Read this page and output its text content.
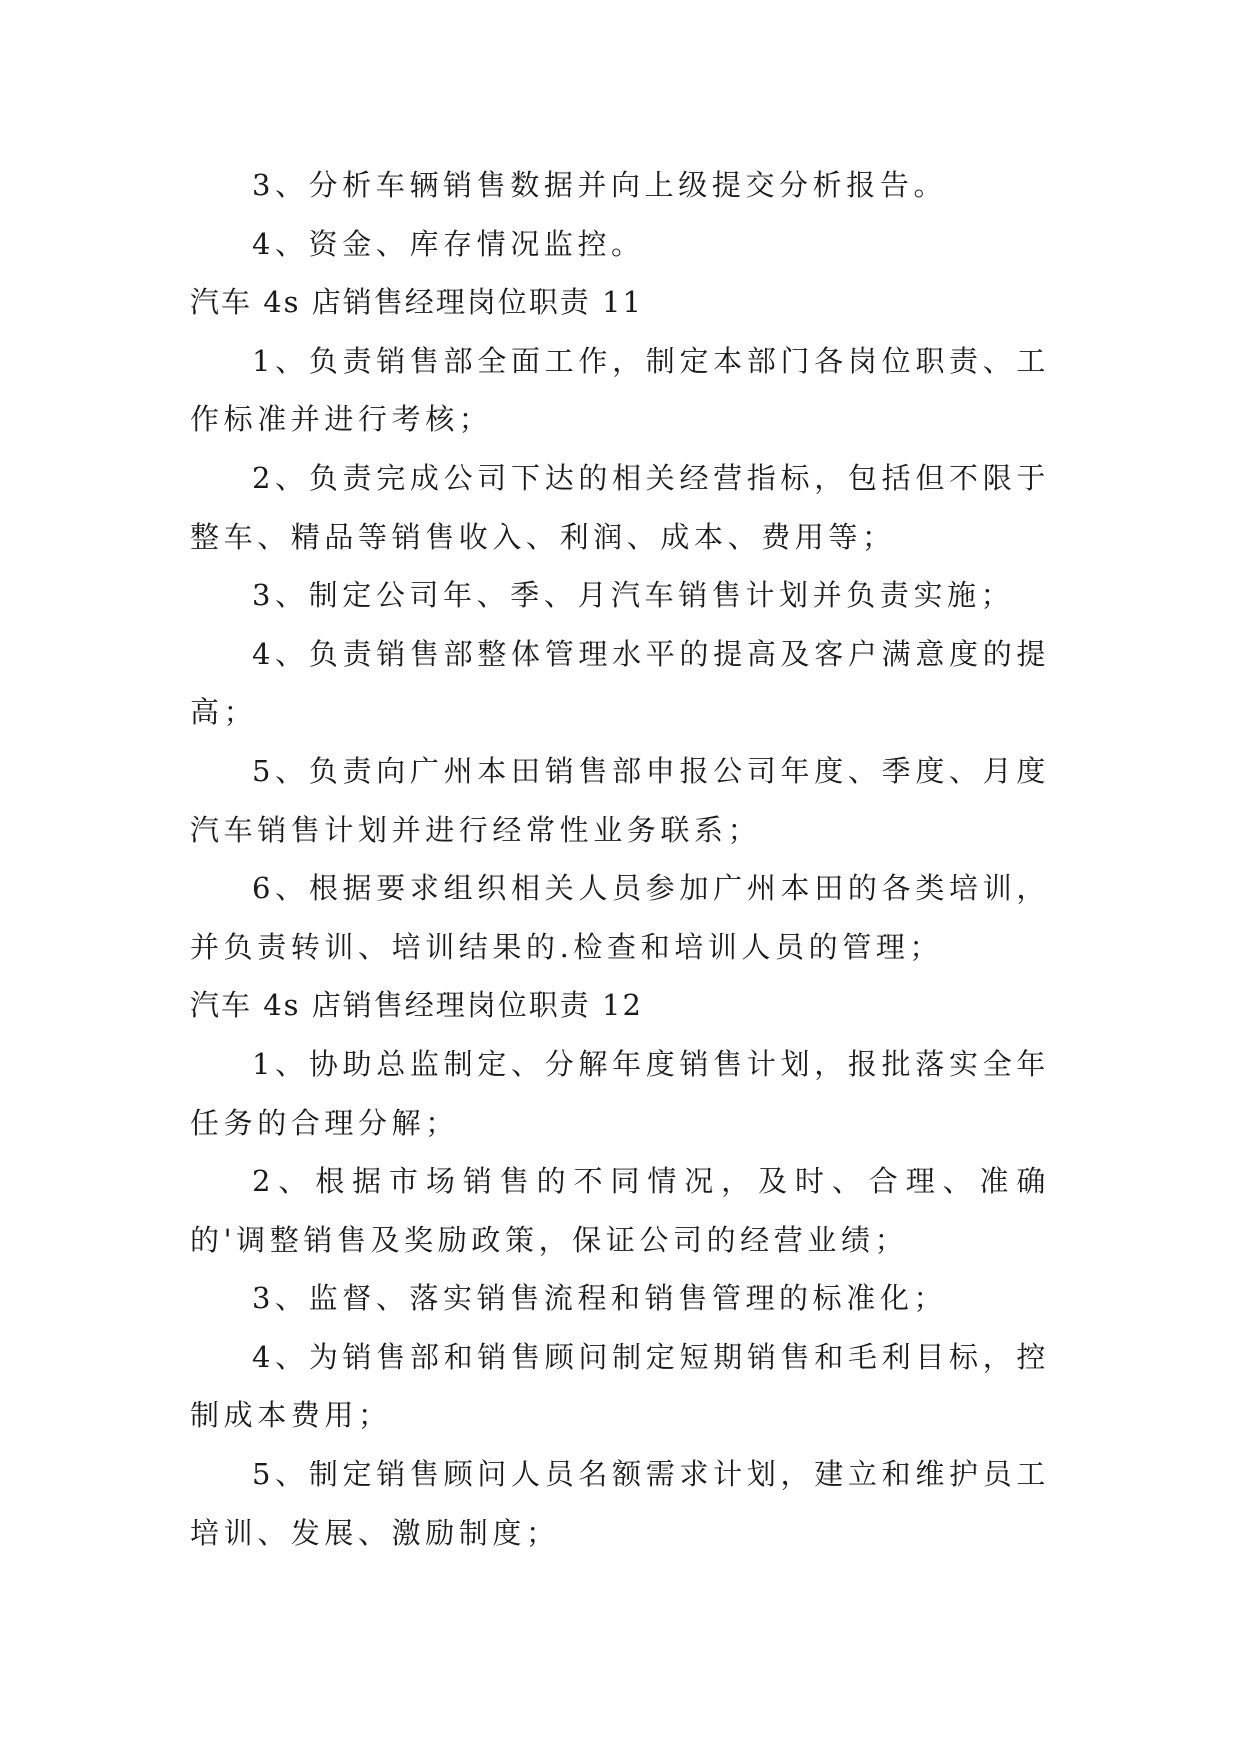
3、分析车辆销售数据并向上级提交分析报告。

4、资金、库存情况监控。

汽车 4s 店销售经理岗位职责 11

1、负责销售部全面工作，制定本部门各岗位职责、工作标准并进行考核；

2、负责完成公司下达的相关经营指标，包括但不限于整车、精品等销售收入、利润、成本、费用等；

3、制定公司年、季、月汽车销售计划并负责实施；

4、负责销售部整体管理水平的提高及客户满意度的提高；

5、负责向广州本田销售部申报公司年度、季度、月度汽车销售计划并进行经常性业务联系；

6、根据要求组织相关人员参加广州本田的各类培训，并负责转训、培训结果的.检查和培训人员的管理；

汽车 4s 店销售经理岗位职责 12

1、协助总监制定、分解年度销售计划，报批落实全年任务的合理分解；

2、根据市场销售的不同情况，及时、合理、准确的'调整销售及奖励政策，保证公司的经营业绩；

3、监督、落实销售流程和销售管理的标准化；

4、为销售部和销售顾问制定短期销售和毛利目标，控制成本费用；

5、制定销售顾问人员名额需求计划，建立和维护员工培训、发展、激励制度；
